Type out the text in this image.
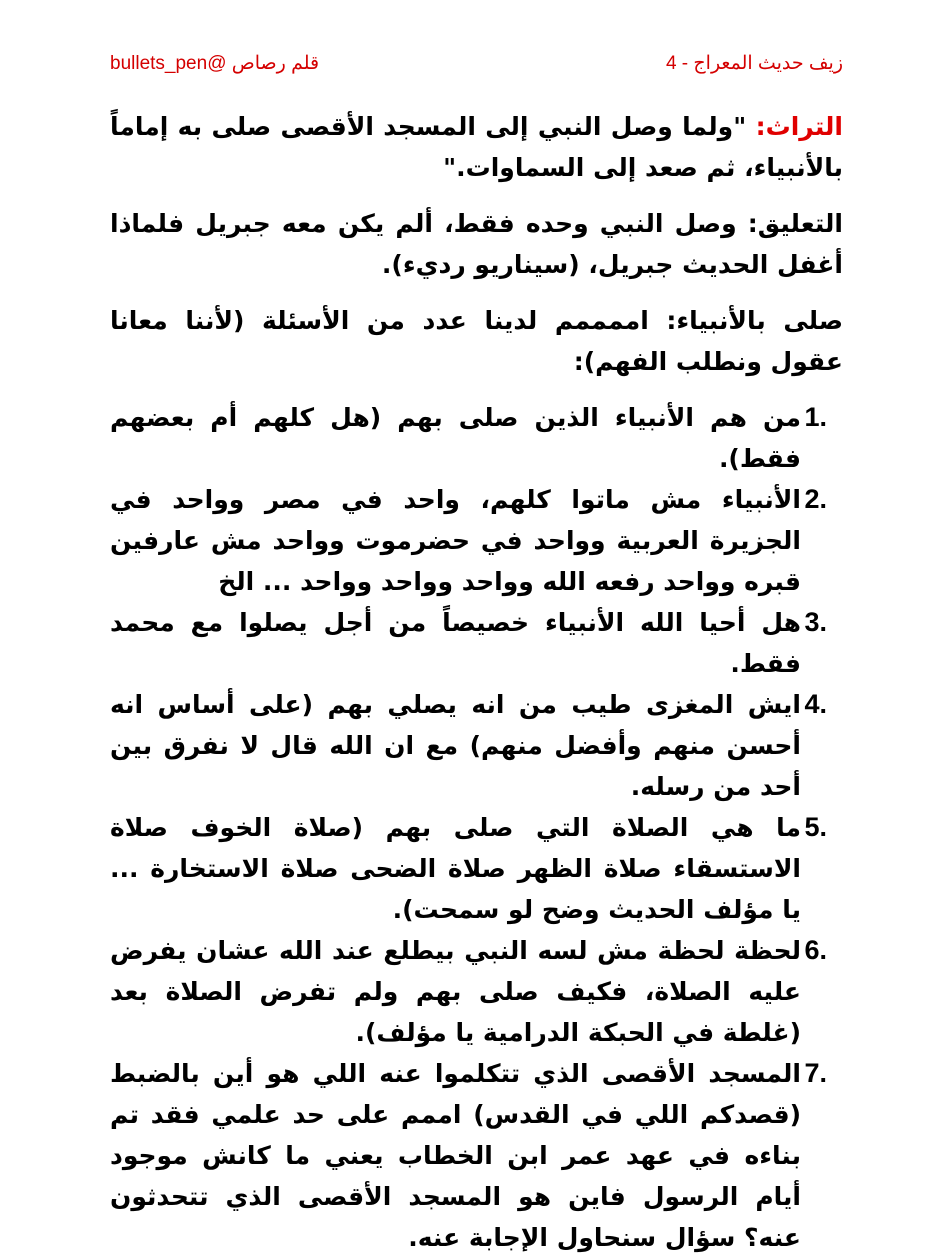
زيف حديث المعراج - 4
قلم رصاص @bullets_pen

التراث: "ولما وصل النبي إلى المسجد الأقصى صلى به إماماً بالأنبياء، ثم صعد إلى السماوات."

التعليق: وصل النبي وحده فقط، ألم يكن معه جبريل فلماذا أغفل الحديث جبريل، (سيناريو رديء).

صلى بالأنبياء: اممممم لدينا عدد من الأسئلة (لأننا معانا عقول ونطلب الفهم):

1.
من هم الأنبياء الذين صلى بهم (هل كلهم أم بعضهم فقط).
2.
الأنبياء مش ماتوا كلهم، واحد في مصر وواحد في الجزيرة العربية وواحد في حضرموت وواحد مش عارفين قبره وواحد رفعه الله وواحد وواحد وواحد ... الخ
3.
هل أحيا الله الأنبياء خصيصاً من أجل يصلوا مع محمد فقط.
4.
ايش المغزى طيب من انه يصلي بهم (على أساس انه أحسن منهم وأفضل منهم) مع ان الله قال لا نفرق بين أحد من رسله.
5.
ما هي الصلاة التي صلى بهم (صلاة الخوف صلاة الاستسقاء صلاة الظهر صلاة الضحى صلاة الاستخارة ... يا مؤلف الحديث وضح لو سمحت).
6.
لحظة لحظة مش لسه النبي بيطلع عند الله عشان يفرض عليه الصلاة، فكيف صلى بهم ولم تفرض الصلاة بعد (غلطة في الحبكة الدرامية يا مؤلف).
7.
المسجد الأقصى الذي تتكلموا عنه اللي هو أين بالضبط (قصدكم اللي في القدس) اممم على حد علمي فقد تم بناءه في عهد عمر ابن الخطاب يعني ما كانش موجود أيام الرسول فاين هو المسجد الأقصى الذي تتحدثون عنه؟ سؤال سنحاول الإجابة عنه.
